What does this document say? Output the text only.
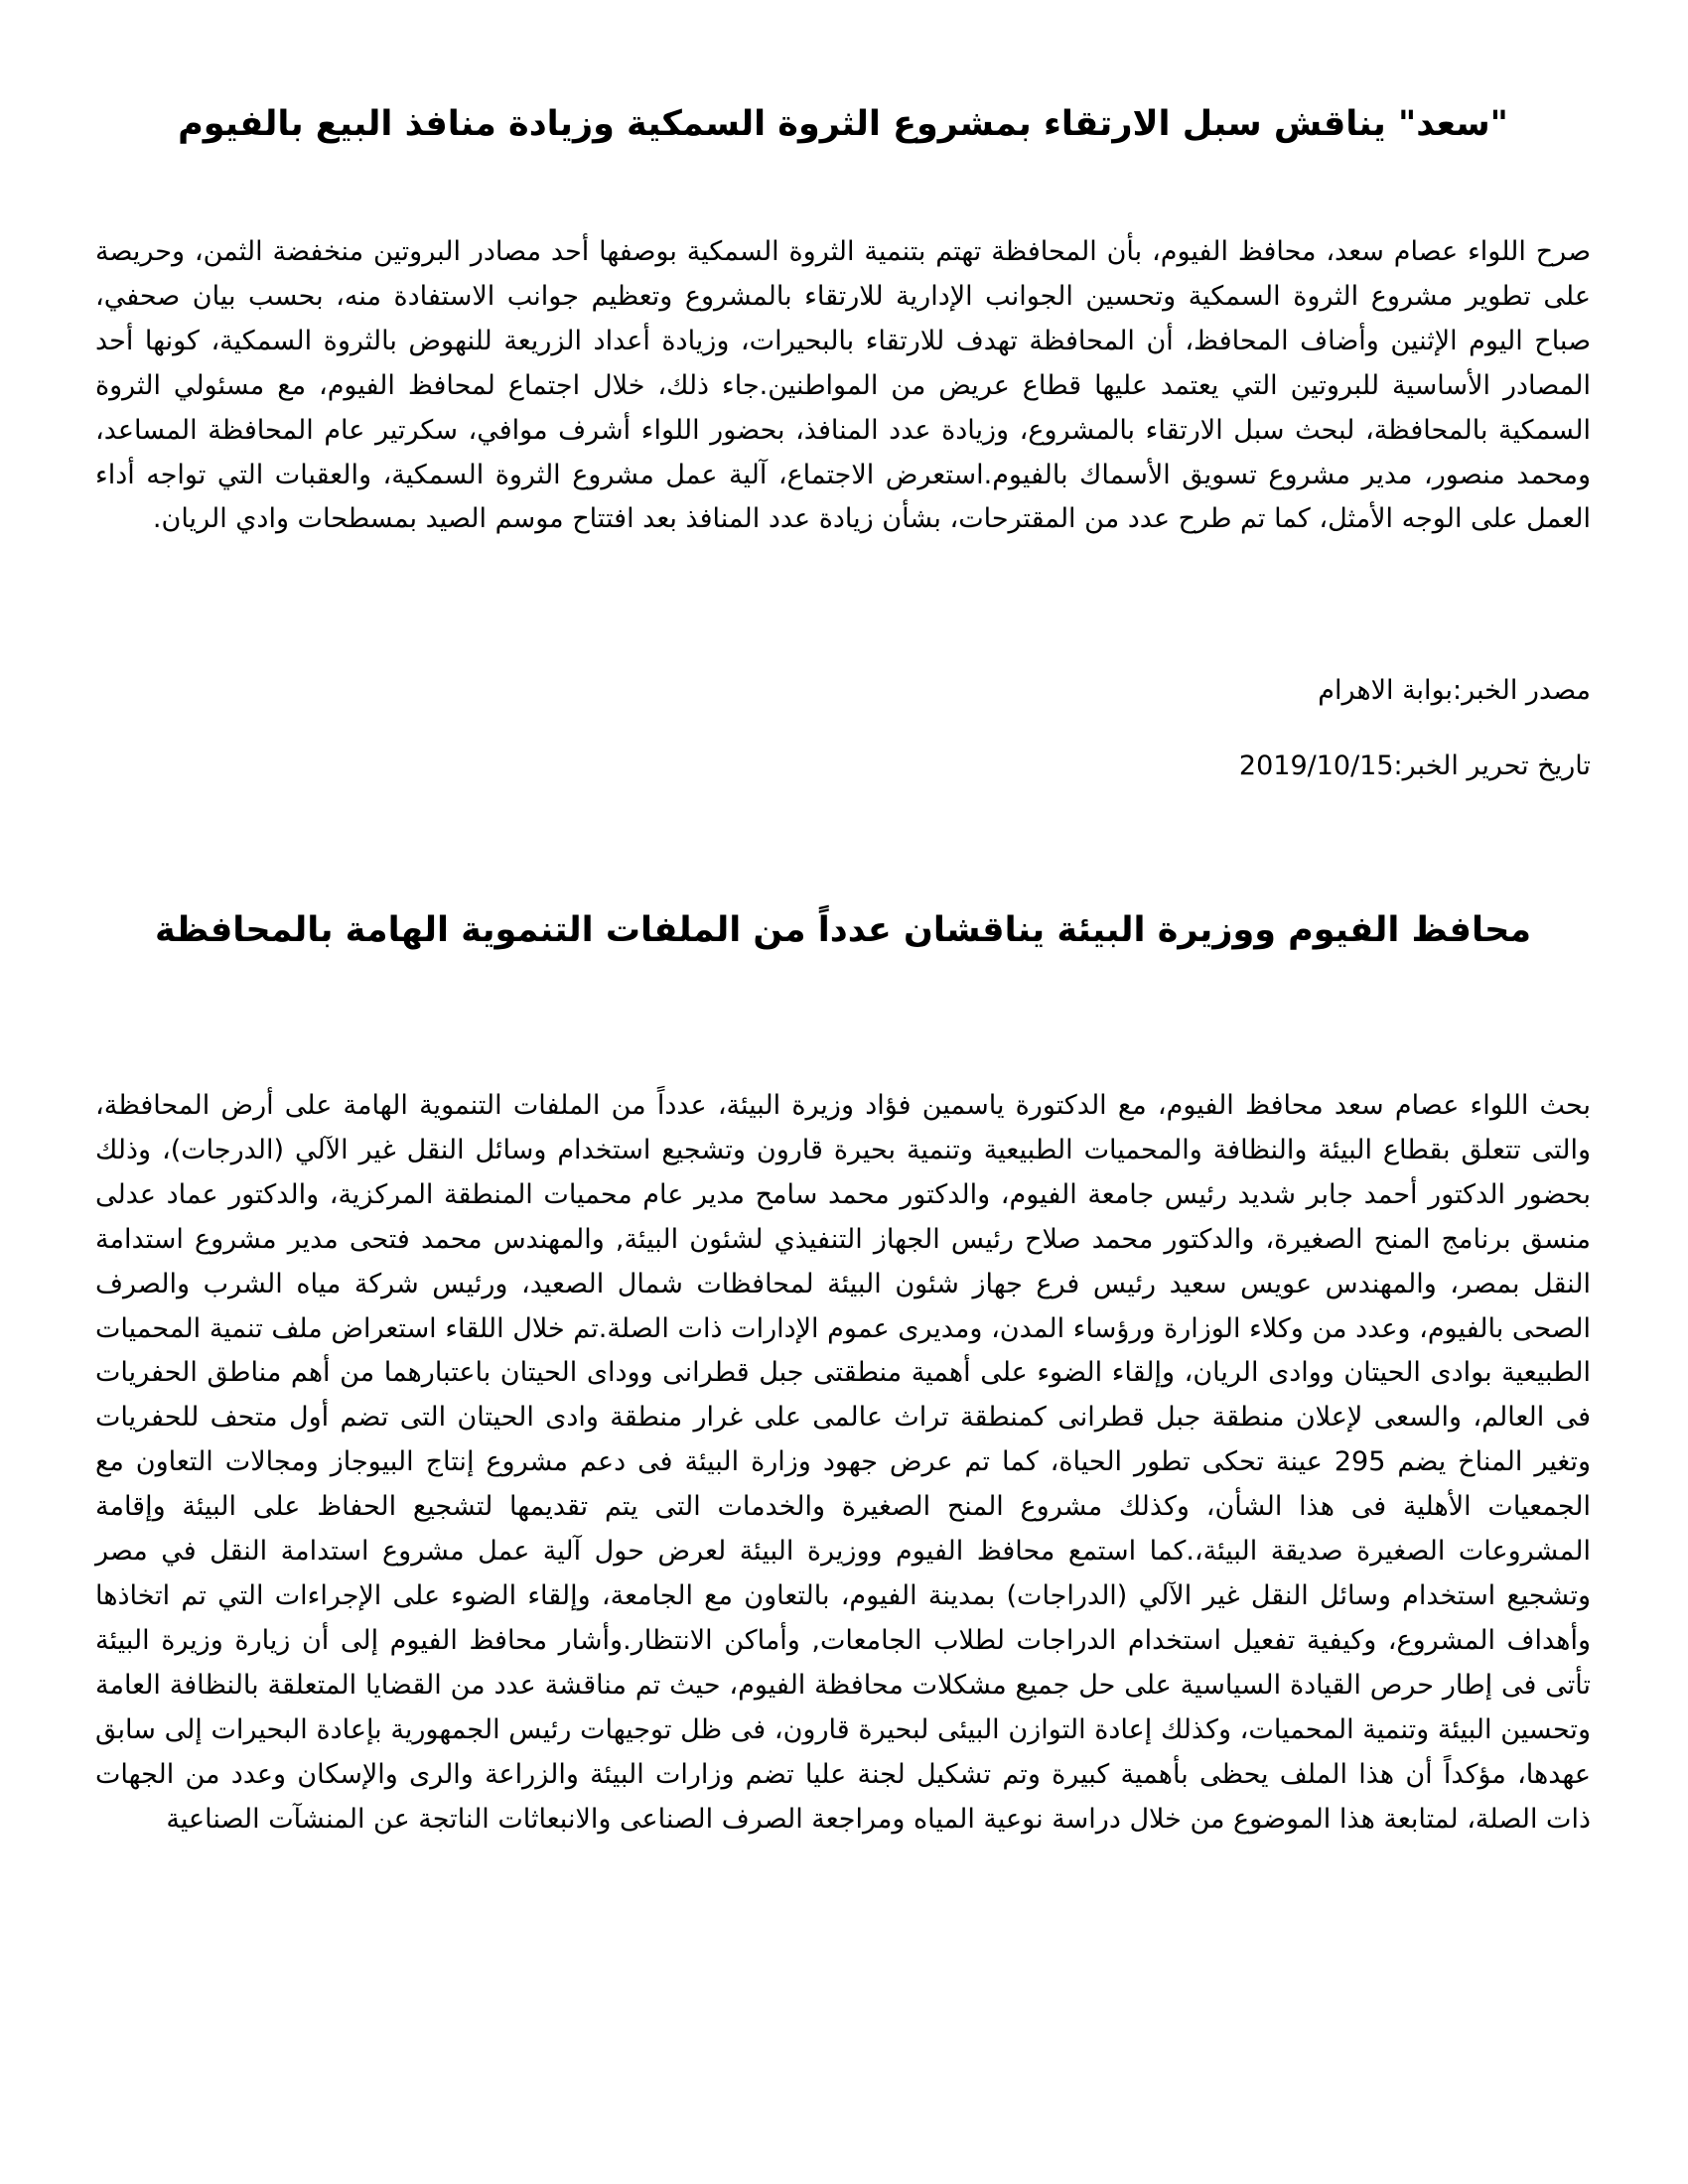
"سعد" يناقش سبل الارتقاء بمشروع الثروة السمكية وزيادة منافذ البيع بالفيوم

صرح اللواء عصام سعد، محافظ الفيوم، بأن المحافظة تهتم بتنمية الثروة السمكية بوصفها أحد مصادر البروتين منخفضة الثمن، وحريصة على تطوير مشروع الثروة السمكية وتحسين الجوانب الإدارية للارتقاء بالمشروع وتعظيم جوانب الاستفادة منه، بحسب بيان صحفي، صباح اليوم الإثنين وأضاف المحافظ، أن المحافظة تهدف للارتقاء بالبحيرات، وزيادة أعداد الزريعة للنهوض بالثروة السمكية، كونها أحد المصادر الأساسية للبروتين التي يعتمد عليها قطاع عريض من المواطنين.جاء ذلك، خلال اجتماع لمحافظ الفيوم، مع مسئولي الثروة السمكية بالمحافظة، لبحث سبل الارتقاء بالمشروع، وزيادة عدد المنافذ، بحضور اللواء أشرف موافي، سكرتير عام المحافظة المساعد، ومحمد منصور، مدير مشروع تسويق الأسماك بالفيوم.استعرض الاجتماع، آلية عمل مشروع الثروة السمكية، والعقبات التي تواجه أداء العمل على الوجه الأمثل، كما تم طرح عدد من المقترحات، بشأن زيادة عدد المنافذ بعد افتتاح موسم الصيد بمسطحات وادي الريان.

مصدر الخبر:بوابة الاهرام

تاريخ تحرير الخبر:2019/10/15

محافظ الفيوم ووزيرة البيئة يناقشان عدداً من الملفات التنموية الهامة بالمحافظة

بحث اللواء عصام سعد محافظ الفيوم، مع الدكتورة ياسمين فؤاد وزيرة البيئة، عدداً من الملفات التنموية الهامة على أرض المحافظة، والتى تتعلق بقطاع البيئة والنظافة والمحميات الطبيعية وتنمية بحيرة قارون وتشجيع استخدام وسائل النقل غير الآلي (الدرجات)، وذلك بحضور الدكتور أحمد جابر شديد رئيس جامعة الفيوم، والدكتور محمد سامح مدير عام محميات المنطقة المركزية، والدكتور عماد عدلى منسق برنامج المنح الصغيرة، والدكتور محمد صلاح رئيس الجهاز التنفيذي لشئون البيئة, والمهندس محمد فتحى مدير مشروع استدامة النقل بمصر، والمهندس عويس سعيد رئيس فرع جهاز شئون البيئة لمحافظات شمال الصعيد، ورئيس شركة مياه الشرب والصرف الصحى بالفيوم، وعدد من وكلاء الوزارة ورؤساء المدن، ومديرى عموم الإدارات ذات الصلة.تم خلال اللقاء استعراض ملف تنمية المحميات الطبيعية بوادى الحيتان ووادى الريان، وإلقاء الضوء على أهمية منطقتى جبل قطرانى ووداى الحيتان باعتبارهما من أهم مناطق الحفريات فى العالم، والسعى لإعلان منطقة جبل قطرانى كمنطقة تراث عالمى على غرار منطقة وادى الحيتان التى تضم أول متحف للحفريات وتغير المناخ يضم 295 عينة تحكى تطور الحياة، كما تم عرض جهود وزارة البيئة فى دعم مشروع إنتاج البيوجاز ومجالات التعاون مع الجمعيات الأهلية فى هذا الشأن، وكذلك مشروع المنح الصغيرة والخدمات التى يتم تقديمها لتشجيع الحفاظ على البيئة وإقامة المشروعات الصغيرة صديقة البيئة،.كما استمع محافظ الفيوم ووزيرة البيئة لعرض حول آلية عمل مشروع استدامة النقل في مصر وتشجيع استخدام وسائل النقل غير الآلي (الدراجات) بمدينة الفيوم، بالتعاون مع الجامعة، وإلقاء الضوء على الإجراءات التي تم اتخاذها وأهداف المشروع، وكيفية تفعيل استخدام الدراجات لطلاب الجامعات, وأماكن الانتظار.وأشار محافظ الفيوم إلى أن زيارة وزيرة البيئة تأتى فى إطار حرص القيادة السياسية على حل جميع مشكلات محافظة الفيوم، حيث تم مناقشة عدد من القضايا المتعلقة بالنظافة العامة وتحسين البيئة وتنمية المحميات، وكذلك إعادة التوازن البيئى لبحيرة قارون، فى ظل توجيهات رئيس الجمهورية بإعادة البحيرات إلى سابق عهدها، مؤكداً أن هذا الملف يحظى بأهمية كبيرة وتم تشكيل لجنة عليا تضم وزارات البيئة والزراعة والرى والإسكان وعدد من الجهات ذات الصلة، لمتابعة هذا الموضوع من خلال دراسة نوعية المياه ومراجعة الصرف الصناعى والانبعاثات الناتجة عن المنشآت الصناعية
